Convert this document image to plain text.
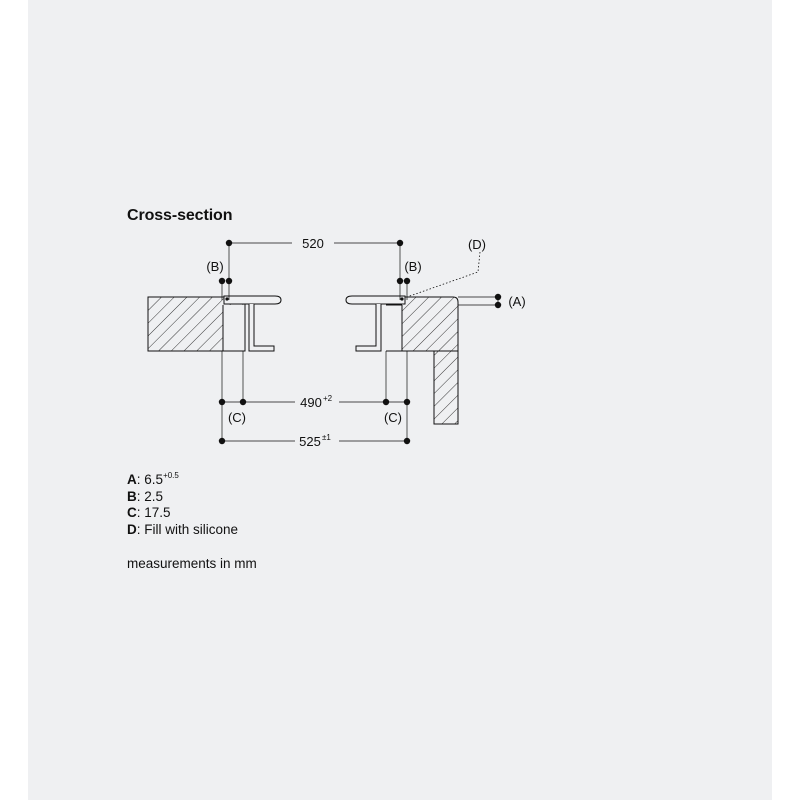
Cross-section
520
(B)	(B)
(D)
(A)
(C)	(C)
490 +2
525 ±1
A: $6.5^{+0.5}$
B: 2.5
C: 17.5
D: Fill with silicone
measurements in mm
